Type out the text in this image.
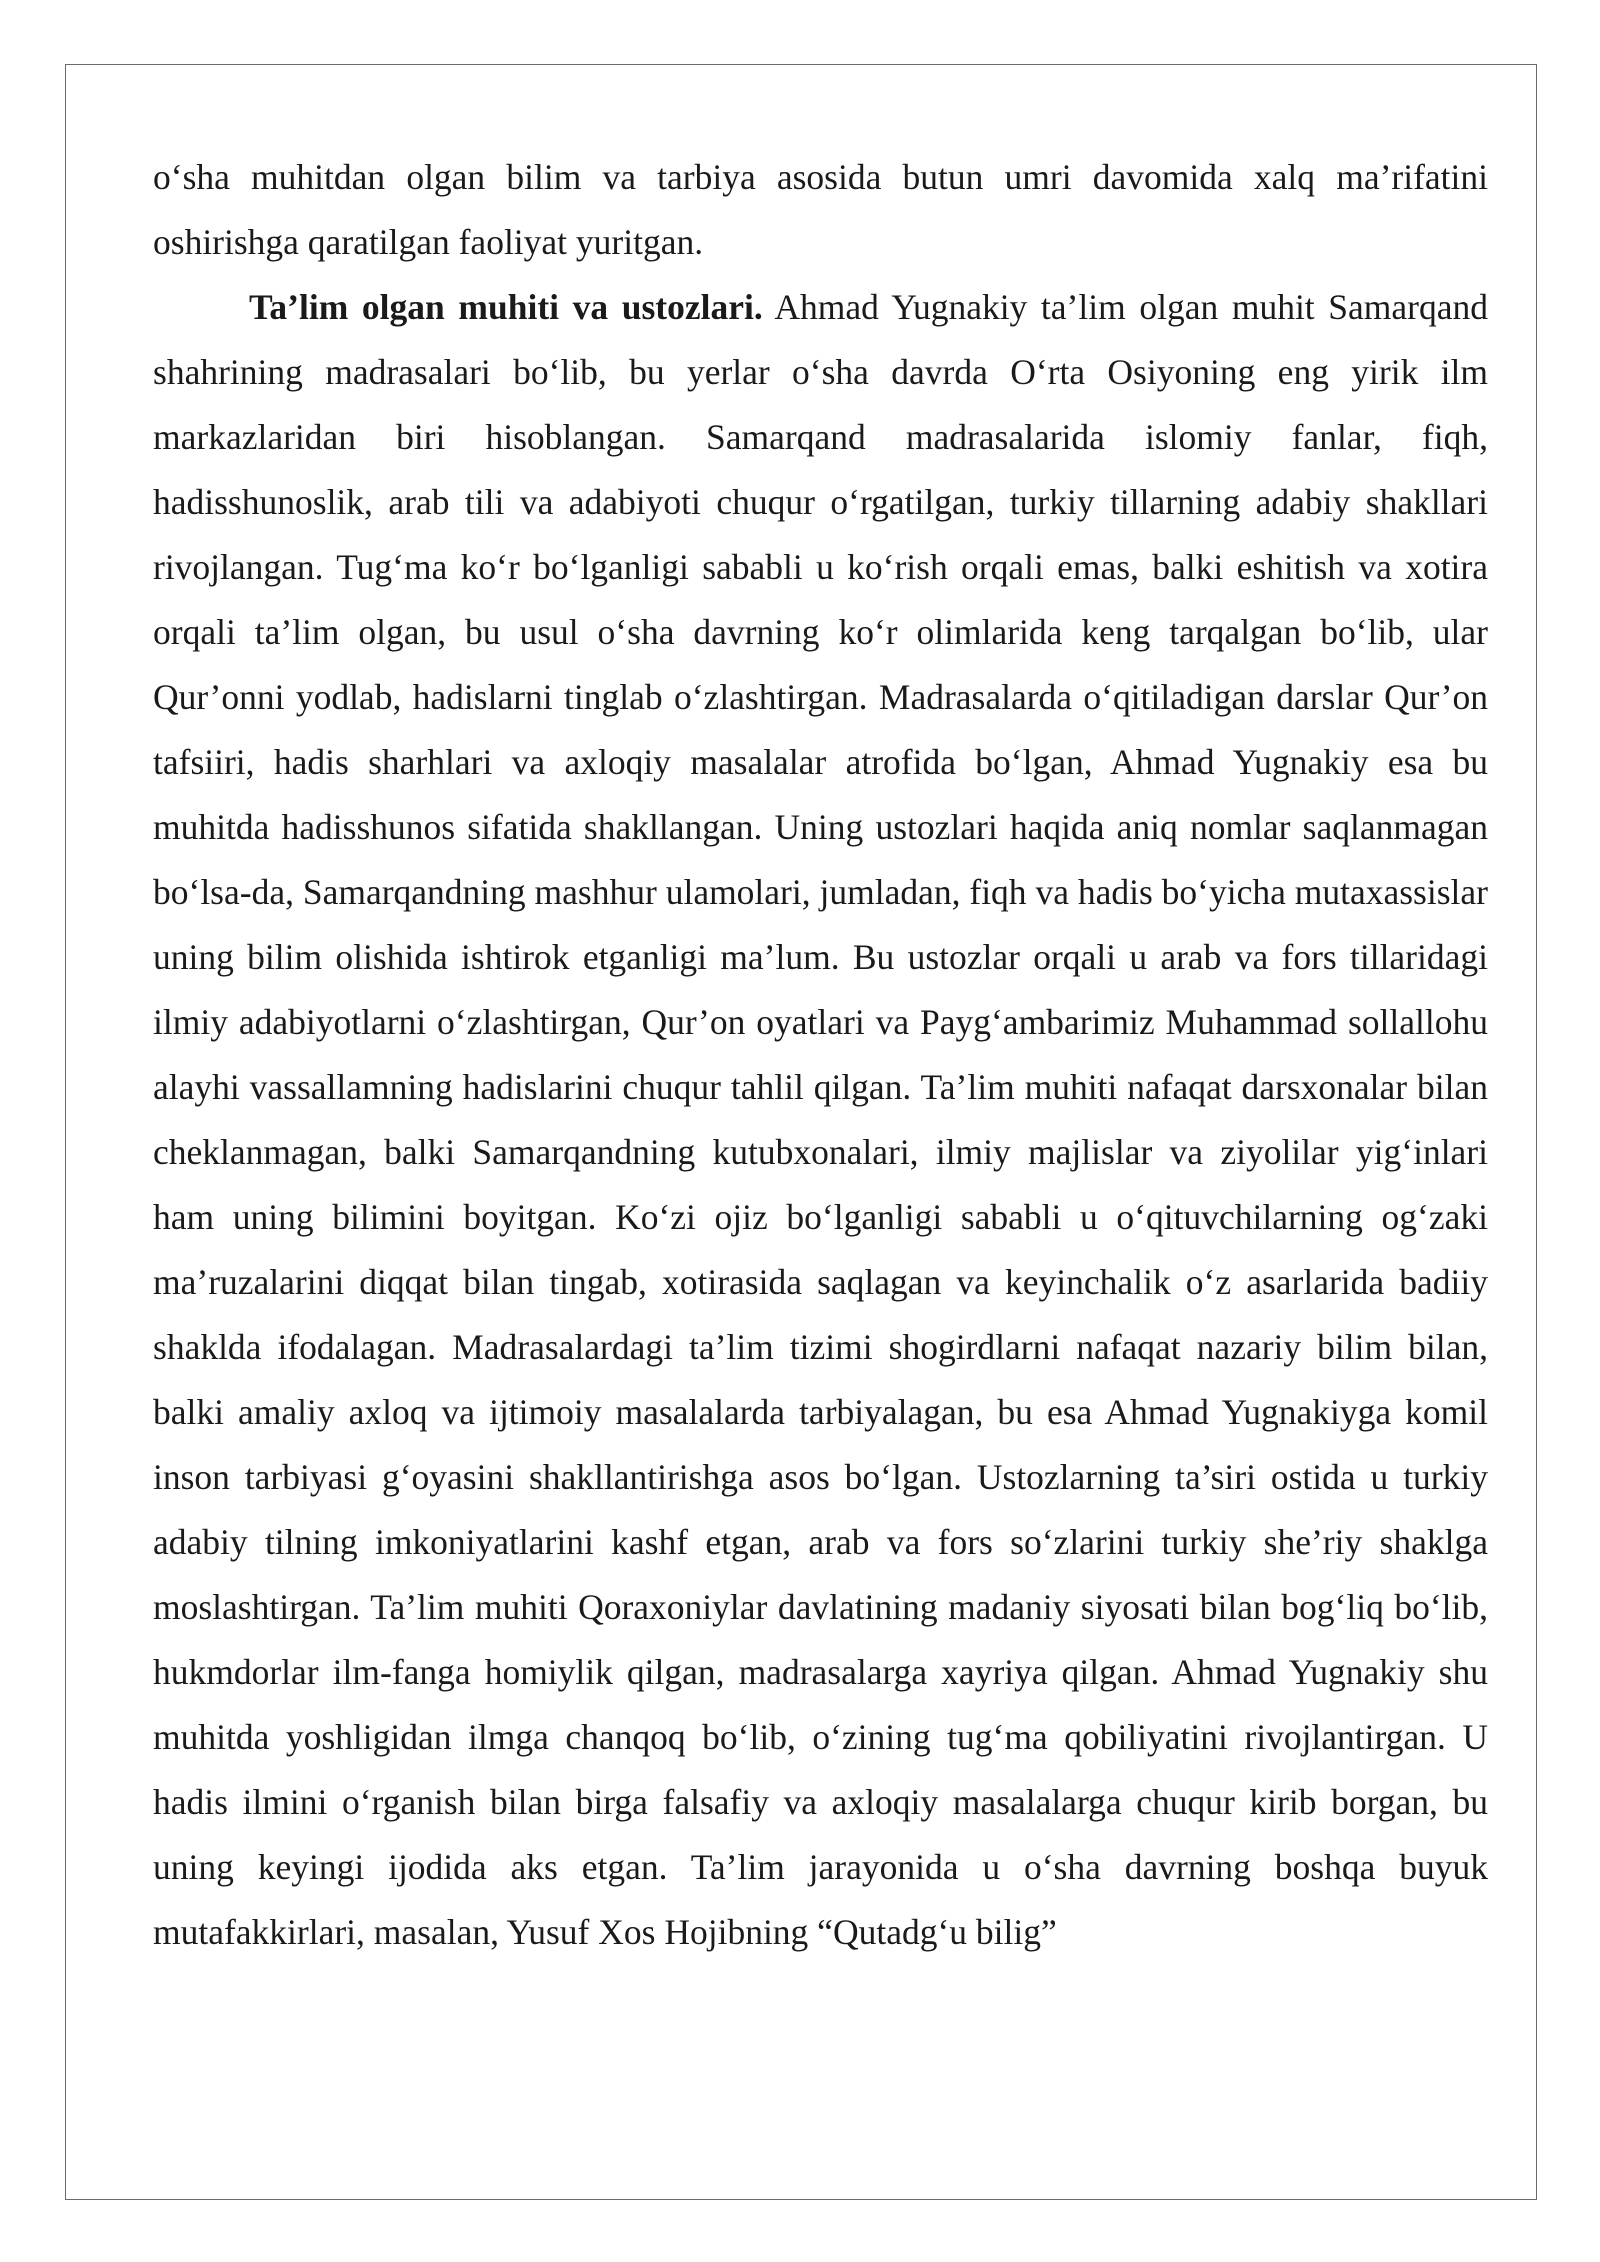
o‘sha muhitdan olgan bilim va tarbiya asosida butun umri davomida xalq ma’rifatini oshirishga qaratilgan faoliyat yuritgan.

Ta’lim olgan muhiti va ustozlari. Ahmad Yugnakiy ta’lim olgan muhit Samarqand shahrining madrasalari bo‘lib, bu yerlar o‘sha davrda O‘rta Osiyoning eng yirik ilm markazlaridan biri hisoblangan. Samarqand madrasalarida islomiy fanlar, fiqh, hadisshunoslik, arab tili va adabiyoti chuqur o‘rgatilgan, turkiy tillarning adabiy shakllari rivojlangan. Tug‘ma ko‘r bo‘lganligi sababli u ko‘rish orqali emas, balki eshitish va xotira orqali ta’lim olgan, bu usul o‘sha davrning ko‘r olimlarida keng tarqalgan bo‘lib, ular Qur’onni yodlab, hadislarni tinglab o‘zlashtirgan. Madrasalarda o‘qitiladigan darslar Qur’on tafsiiri, hadis sharhlari va axloqiy masalalar atrofida bo‘lgan, Ahmad Yugnakiy esa bu muhitda hadisshunos sifatida shakllangan. Uning ustozlari haqida aniq nomlar saqlanmagan bo‘lsa-da, Samarqandning mashhur ulamolari, jumladan, fiqh va hadis bo‘yicha mutaxassislar uning bilim olishida ishtirok etganligi ma’lum. Bu ustozlar orqali u arab va fors tillaridagi ilmiy adabiyotlarni o‘zlashtirgan, Qur’on oyatlari va Payg‘ambarimiz Muhammad sollallohu alayhi vassallamning hadislarini chuqur tahlil qilgan. Ta’lim muhiti nafaqat darsxonalar bilan cheklanmagan, balki Samarqandning kutubxonalari, ilmiy majlislar va ziyolilar yig‘inlari ham uning bilimini boyitgan. Ko‘zi ojiz bo‘lganligi sababli u o‘qituvchilarning og‘zaki ma’ruzalarini diqqat bilan tingab, xotirasida saqlagan va keyinchalik o‘z asarlarida badiiy shaklda ifodalagan. Madrasalardagi ta’lim tizimi shogirdlarni nafaqat nazariy bilim bilan, balki amaliy axloq va ijtimoiy masalalarda tarbiyalagan, bu esa Ahmad Yugnakiyga komil inson tarbiyasi g‘oyasini shakllantirishga asos bo‘lgan. Ustozlarning ta’siri ostida u turkiy adabiy tilning imkoniyatlarini kashf etgan, arab va fors so‘zlarini turkiy she’riy shaklga moslashtirgan. Ta’lim muhiti Qoraxoniylar davlatining madaniy siyosati bilan bog‘liq bo‘lib, hukmdorlar ilm-fanga homiylik qilgan, madrasalarga xayriya qilgan. Ahmad Yugnakiy shu muhitda yoshligidan ilmga chanqoq bo‘lib, o‘zining tug‘ma qobiliyatini rivojlantirgan. U hadis ilmini o‘rganish bilan birga falsafiy va axloqiy masalalarga chuqur kirib borgan, bu uning keyingi ijodida aks etgan. Ta’lim jarayonida u o‘sha davrning boshqa buyuk mutafakkirlari, masalan, Yusuf Xos Hojibning “Qutadg‘u bilig”
